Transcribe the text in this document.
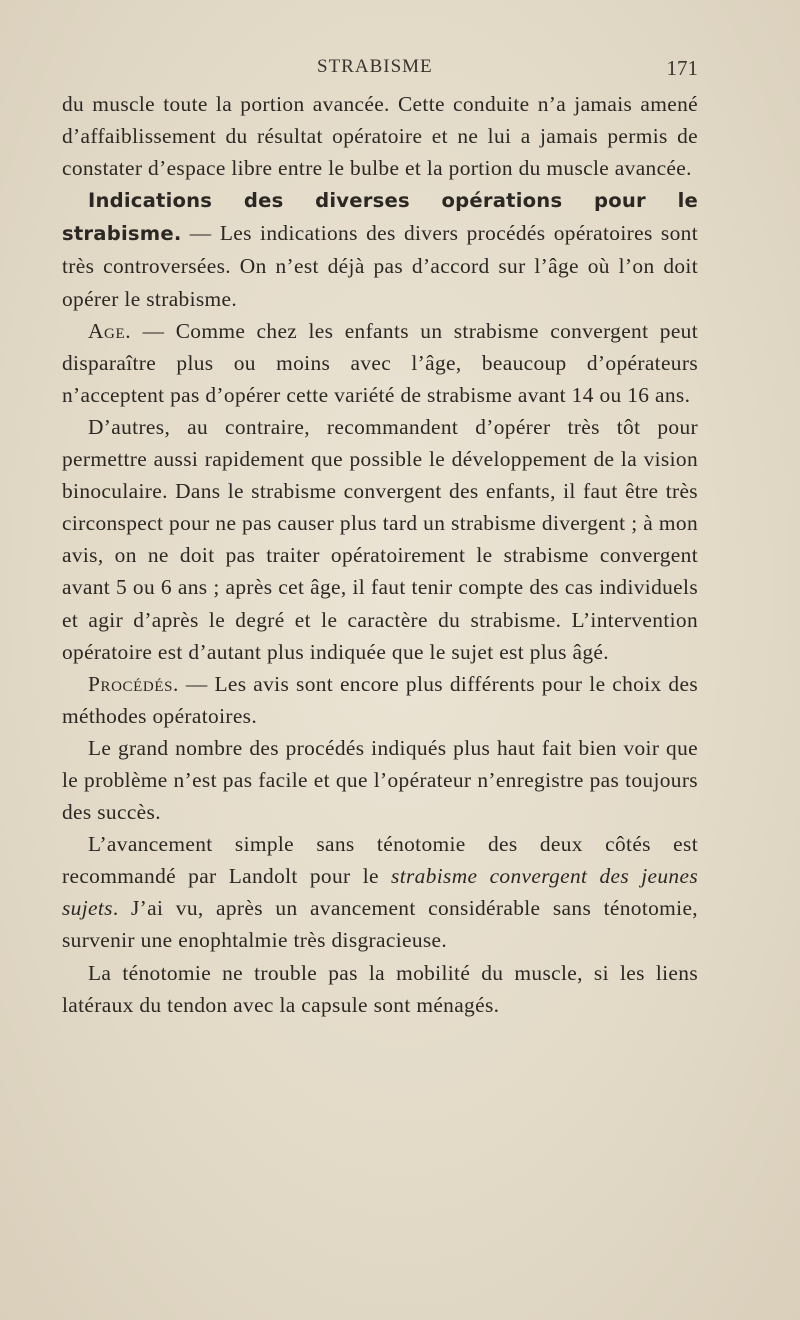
STRABISME	171

du muscle toute la portion avancée. Cette conduite n’a jamais amené d’affaiblissement du résultat opératoire et ne lui a jamais permis de constater d’espace libre entre le bulbe et la portion du muscle avancée.

Indications des diverses opérations pour le strabisme. — Les indications des divers procédés opératoires sont très controversées. On n’est déjà pas d’accord sur l’âge où l’on doit opérer le strabisme.

Age. — Comme chez les enfants un strabisme convergent peut disparaître plus ou moins avec l’âge, beaucoup d’opérateurs n’acceptent pas d’opérer cette variété de strabisme avant 14 ou 16 ans.

D’autres, au contraire, recommandent d’opérer très tôt pour permettre aussi rapidement que possible le développement de la vision binoculaire. Dans le strabisme convergent des enfants, il faut être très circonspect pour ne pas causer plus tard un strabisme divergent ; à mon avis, on ne doit pas traiter opératoirement le strabisme convergent avant 5 ou 6 ans ; après cet âge, il faut tenir compte des cas individuels et agir d’après le degré et le caractère du strabisme. L’intervention opératoire est d’autant plus indiquée que le sujet est plus âgé.

Procédés. — Les avis sont encore plus différents pour le choix des méthodes opératoires.

Le grand nombre des procédés indiqués plus haut fait bien voir que le problème n’est pas facile et que l’opérateur n’enregistre pas toujours des succès.

L’avancement simple sans ténotomie des deux côtés est recommandé par Landolt pour le strabisme convergent des jeunes sujets. J’ai vu, après un avancement considérable sans ténotomie, survenir une enophtalmie très disgracieuse.

La ténotomie ne trouble pas la mobilité du muscle, si les liens latéraux du tendon avec la capsule sont ménagés.
